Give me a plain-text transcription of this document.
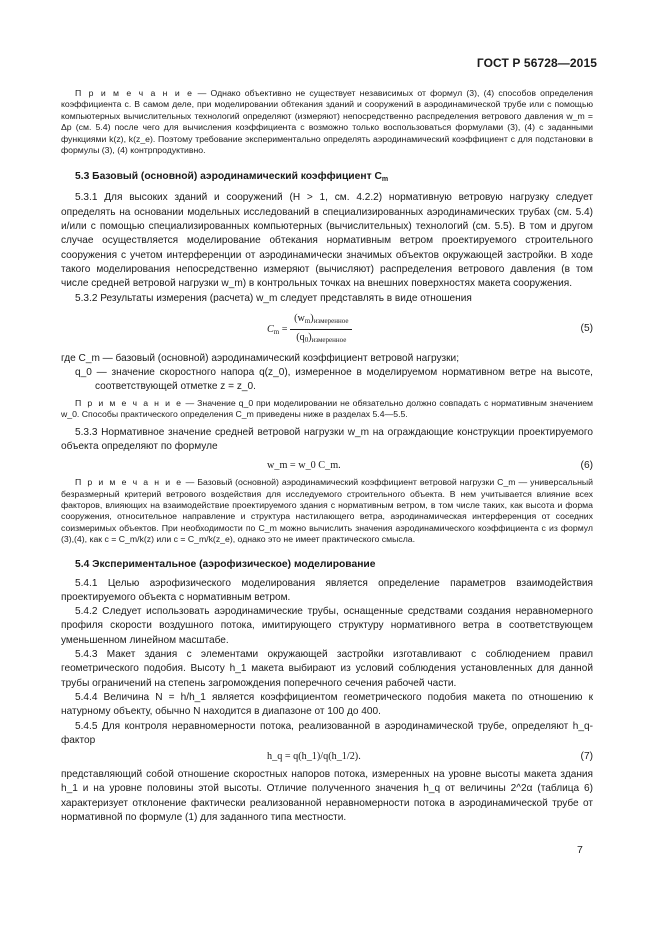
ГОСТ Р 56728—2015

П р и м е ч а н и е — Однако объективно не существует независимых от формул (3), (4) способов определения коэффициента c. В самом деле, при моделировании обтекания зданий и сооружений в аэродинамической трубе или с помощью компьютерных вычислительных технологий определяют (измеряют) непосредственно распределения ветрового давления w_m = Δp (см. 5.4) после чего для вычисления коэффициента c возможно только воспользоваться формулами (3), (4) с заданными функциями k(z), k(z_e). Поэтому требование экспериментально определять аэродинамический коэффициент c для подстановки в формулы (3), (4) контрпродуктивно.

5.3 Базовый (основной) аэродинамический коэффициент $C_m$

5.3.1 Для высоких зданий и сооружений (H > 1, см. 4.2.2) нормативную ветровую нагрузку следует определять на основании модельных исследований в специализированных аэродинамических трубах (см. 5.4) и/или с помощью специализированных компьютерных (вычислительных) технологий (см. 5.5). В том и другом случае осуществляется моделирование обтекания нормативным ветром проектируемого строительного сооружения с учетом интерференции от аэродинамически значимых объектов окружающей застройки. В ходе такого моделирования непосредственно измеряют (вычисляют) распределения ветрового давления (в том числе средней ветровой нагрузки w_m) в контрольных точках на внешних поверхностях макета сооружения.

5.3.2 Результаты измерения (расчета) w_m следует представлять в виде отношения

$C_m = \frac{(w_m)_{измеренное}}{(q_0)_{измеренное}}$	(5)

где C_m — базовый (основной) аэродинамический коэффициент ветровой нагрузки;

q_0 — значение скоростного напора q(z_0), измеренное в моделируемом нормативном ветре на высоте, соответствующей отметке z = z_0.

П р и м е ч а н и е — Значение q_0 при моделировании не обязательно должно совпадать с нормативным значением w_0. Способы практического определения C_m приведены ниже в разделах 5.4—5.5.

5.3.3 Нормативное значение средней ветровой нагрузки w_m на ограждающие конструкции проектируемого объекта определяют по формуле

w_m = w_0 C_m.	(6)

П р и м е ч а н и е — Базовый (основной) аэродинамический коэффициент ветровой нагрузки C_m — универсальный безразмерный критерий ветрового воздействия для исследуемого строительного объекта. В нем учитывается влияние всех факторов, влияющих на взаимодействие проектируемого здания с нормативным ветром, в том числе таких, как высота и форма сооружения, относительное направление и структура настилающего ветра, аэродинамическая интерференция от соседних соизмеримых объектов. При необходимости по C_m можно вычислить значения аэродинамического коэффициента c из формул (3),(4), как c = C_m/k(z) или c = C_m/k(z_e), однако это не имеет практического смысла.

5.4 Экспериментальное (аэрофизическое) моделирование

5.4.1 Целью аэрофизического моделирования является определение параметров взаимодействия проектируемого объекта с нормативным ветром.

5.4.2 Следует использовать аэродинамические трубы, оснащенные средствами создания неравномерного профиля скорости воздушного потока, имитирующего структуру нормативного ветра в соответствующем уменьшенном линейном масштабе.

5.4.3 Макет здания с элементами окружающей застройки изготавливают с соблюдением правил геометрического подобия. Высоту h_1 макета выбирают из условий соблюдения установленных для данной трубы ограничений на степень загромождения поперечного сечения рабочей части.

5.4.4 Величина N = h/h_1 является коэффициентом геометрического подобия макета по отношению к натурному объекту, обычно N находится в диапазоне от 100 до 400.

5.4.5 Для контроля неравномерности потока, реализованной в аэродинамической трубе, определяют h_q-фактор

h_q = q(h_1)/q(h_1/2).	(7)

представляющий собой отношение скоростных напоров потока, измеренных на уровне высоты макета здания h_1 и на уровне половины этой высоты. Отличие полученного значения h_q от величины 2^2α (таблица 6) характеризует отклонение фактически реализованной неравномерности потока в аэродинамической трубе от нормативной по формуле (1) для заданного типа местности.

7
